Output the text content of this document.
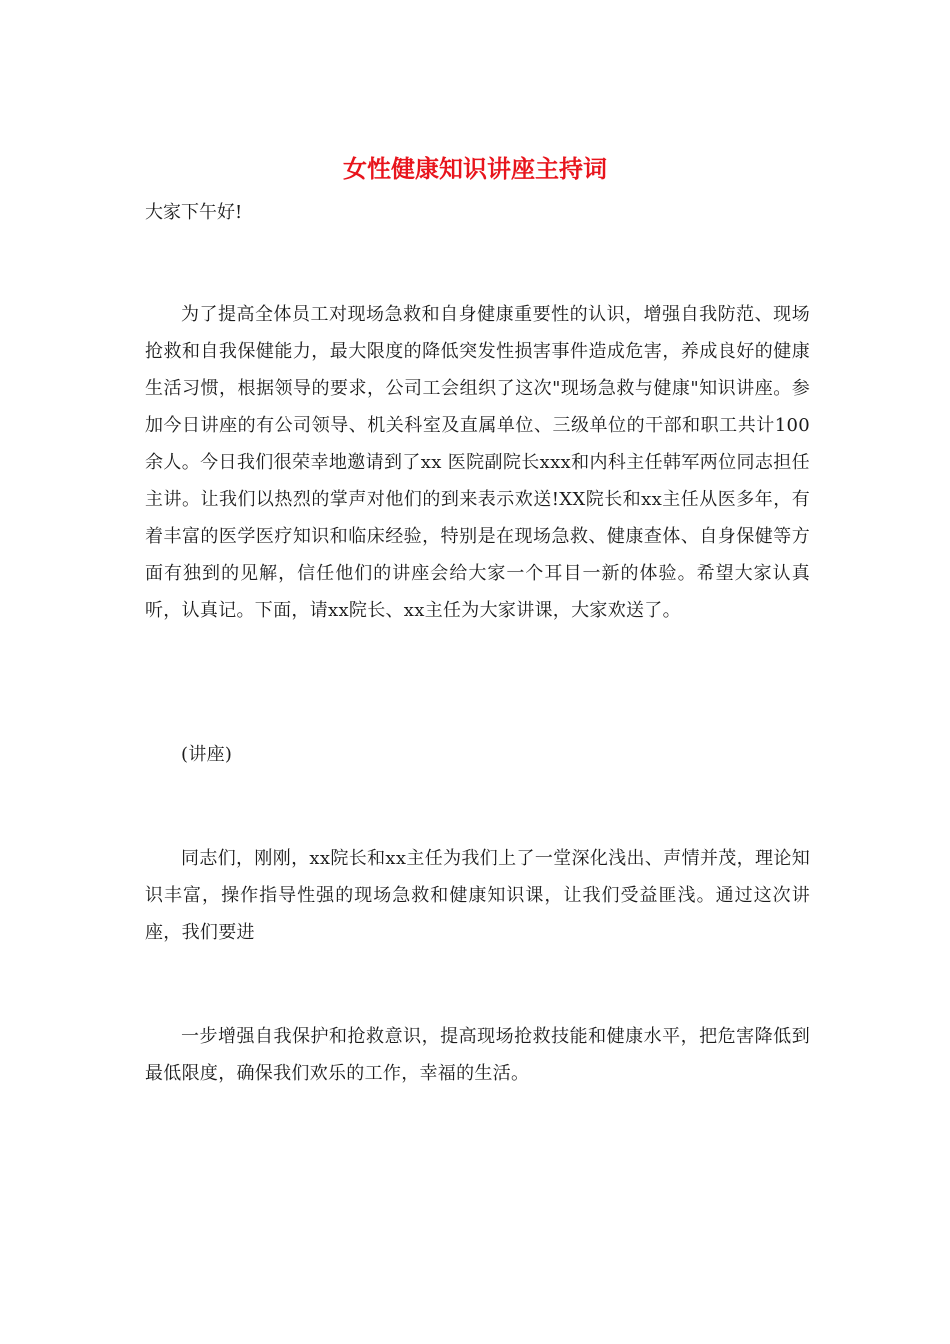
女性健康知识讲座主持词

大家下午好!

为了提高全体员工对现场急救和自身健康重要性的认识，增强自我防范、现场抢救和自我保健能力，最大限度的降低突发性损害事件造成危害，养成良好的健康生活习惯，根据领导的要求，公司工会组织了这次"现场急救与健康"知识讲座。参加今日讲座的有公司领导、机关科室及直属单位、三级单位的干部和职工共计100余人。今日我们很荣幸地邀请到了xx 医院副院长xxx和内科主任韩军两位同志担任主讲。让我们以热烈的掌声对他们的到来表示欢送!XX院长和xx主任从医多年，有着丰富的医学医疗知识和临床经验，特别是在现场急救、健康查体、自身保健等方面有独到的见解，信任他们的讲座会给大家一个耳目一新的体验。希望大家认真听，认真记。下面，请xx院长、xx主任为大家讲课，大家欢送了。

(讲座)

同志们，刚刚，xx院长和xx主任为我们上了一堂深化浅出、声情并茂，理论知识丰富，操作指导性强的现场急救和健康知识课，让我们受益匪浅。通过这次讲座，我们要进

一步增强自我保护和抢救意识，提高现场抢救技能和健康水平，把危害降低到最低限度，确保我们欢乐的工作，幸福的生活。
